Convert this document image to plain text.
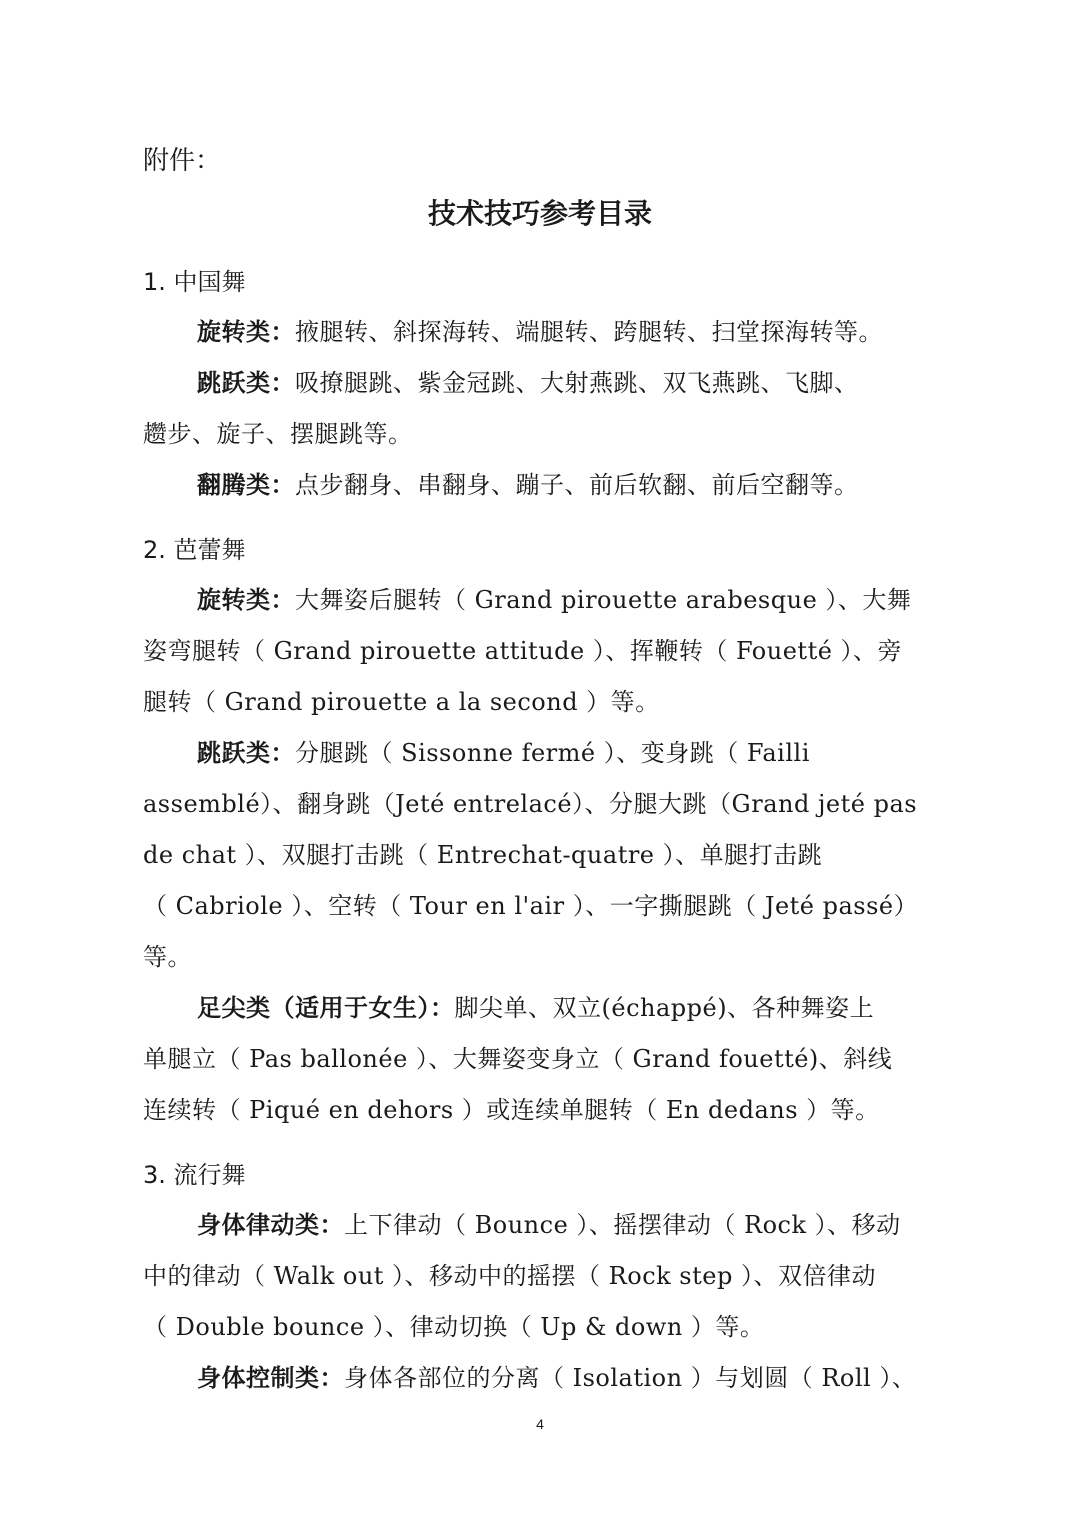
附件：
技术技巧参考目录
1. 中国舞
旋转类：掖腿转、斜探海转、端腿转、跨腿转、扫堂探海转等。
跳跃类：吸撩腿跳、紫金冠跳、大射燕跳、双飞燕跳、飞脚、
趱步、旋子、摆腿跳等。
翻腾类：点步翻身、串翻身、蹦子、前后软翻、前后空翻等。
2. 芭蕾舞
旋转类：大舞姿后腿转（ Grand pirouette arabesque ）、大舞
姿弯腿转（ Grand pirouette attitude ）、挥鞭转（ Fouetté ）、旁
腿转（ Grand pirouette a la second ）等。
跳跃类：分腿跳（ Sissonne fermé ）、变身跳（ Failli
assemblé）、翻身跳（Jeté entrelacé）、分腿大跳（Grand jeté pas
de chat ）、双腿打击跳（ Entrechat-quatre ）、单腿打击跳
（ Cabriole ）、空转（ Tour en l'air ）、一字撕腿跳（ Jeté passé）
等。
足尖类（适用于女生）：脚尖单、双立(échappé)、各种舞姿上
单腿立（ Pas ballonée ）、大舞姿变身立（ Grand fouetté)、斜线
连续转（ Piqué en dehors ）或连续单腿转（ En dedans ）等。
3. 流行舞
身体律动类：上下律动（ Bounce ）、摇摆律动（ Rock ）、移动
中的律动（ Walk out ）、移动中的摇摆（ Rock step ）、双倍律动
（ Double bounce ）、律动切换（ Up & down ）等。
身体控制类：身体各部位的分离（ Isolation ）与划圆（ Roll ）、
4
